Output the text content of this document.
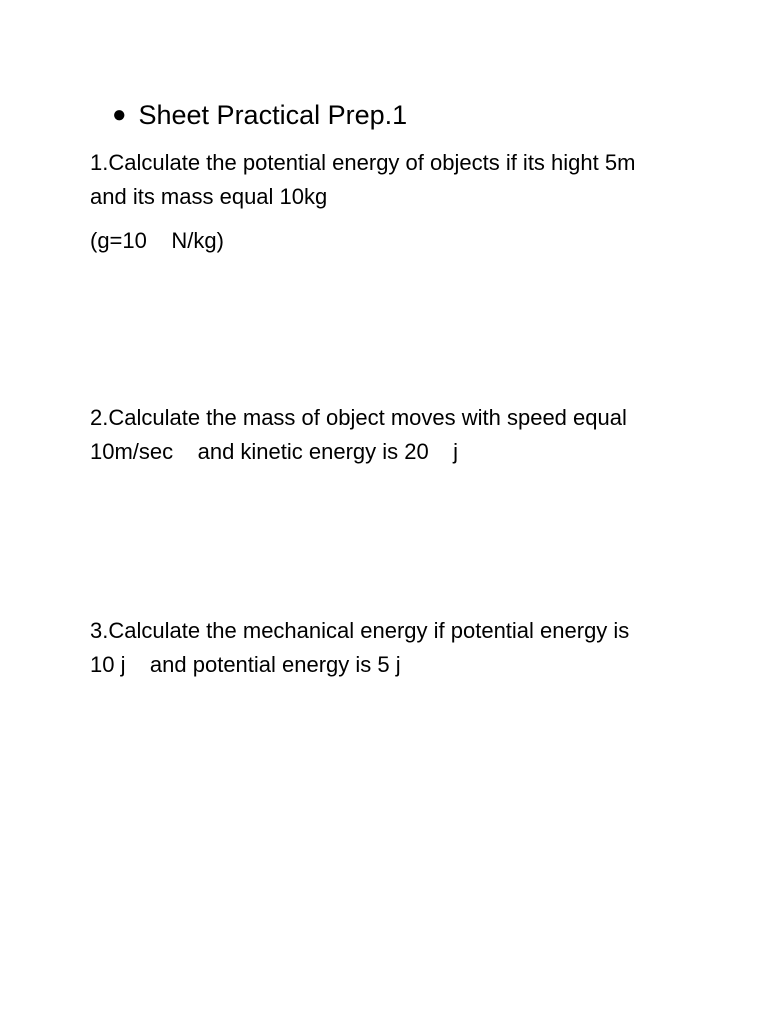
● Sheet Practical Prep.1
1.Calculate the potential energy of objects if its hight 5m
and its mass equal 10kg
(g=10    N/kg)
2.Calculate the mass of object moves with speed equal
10m/sec    and kinetic energy is 20    j
3.Calculate the mechanical energy if potential energy is
10 j    and potential energy is 5 j
